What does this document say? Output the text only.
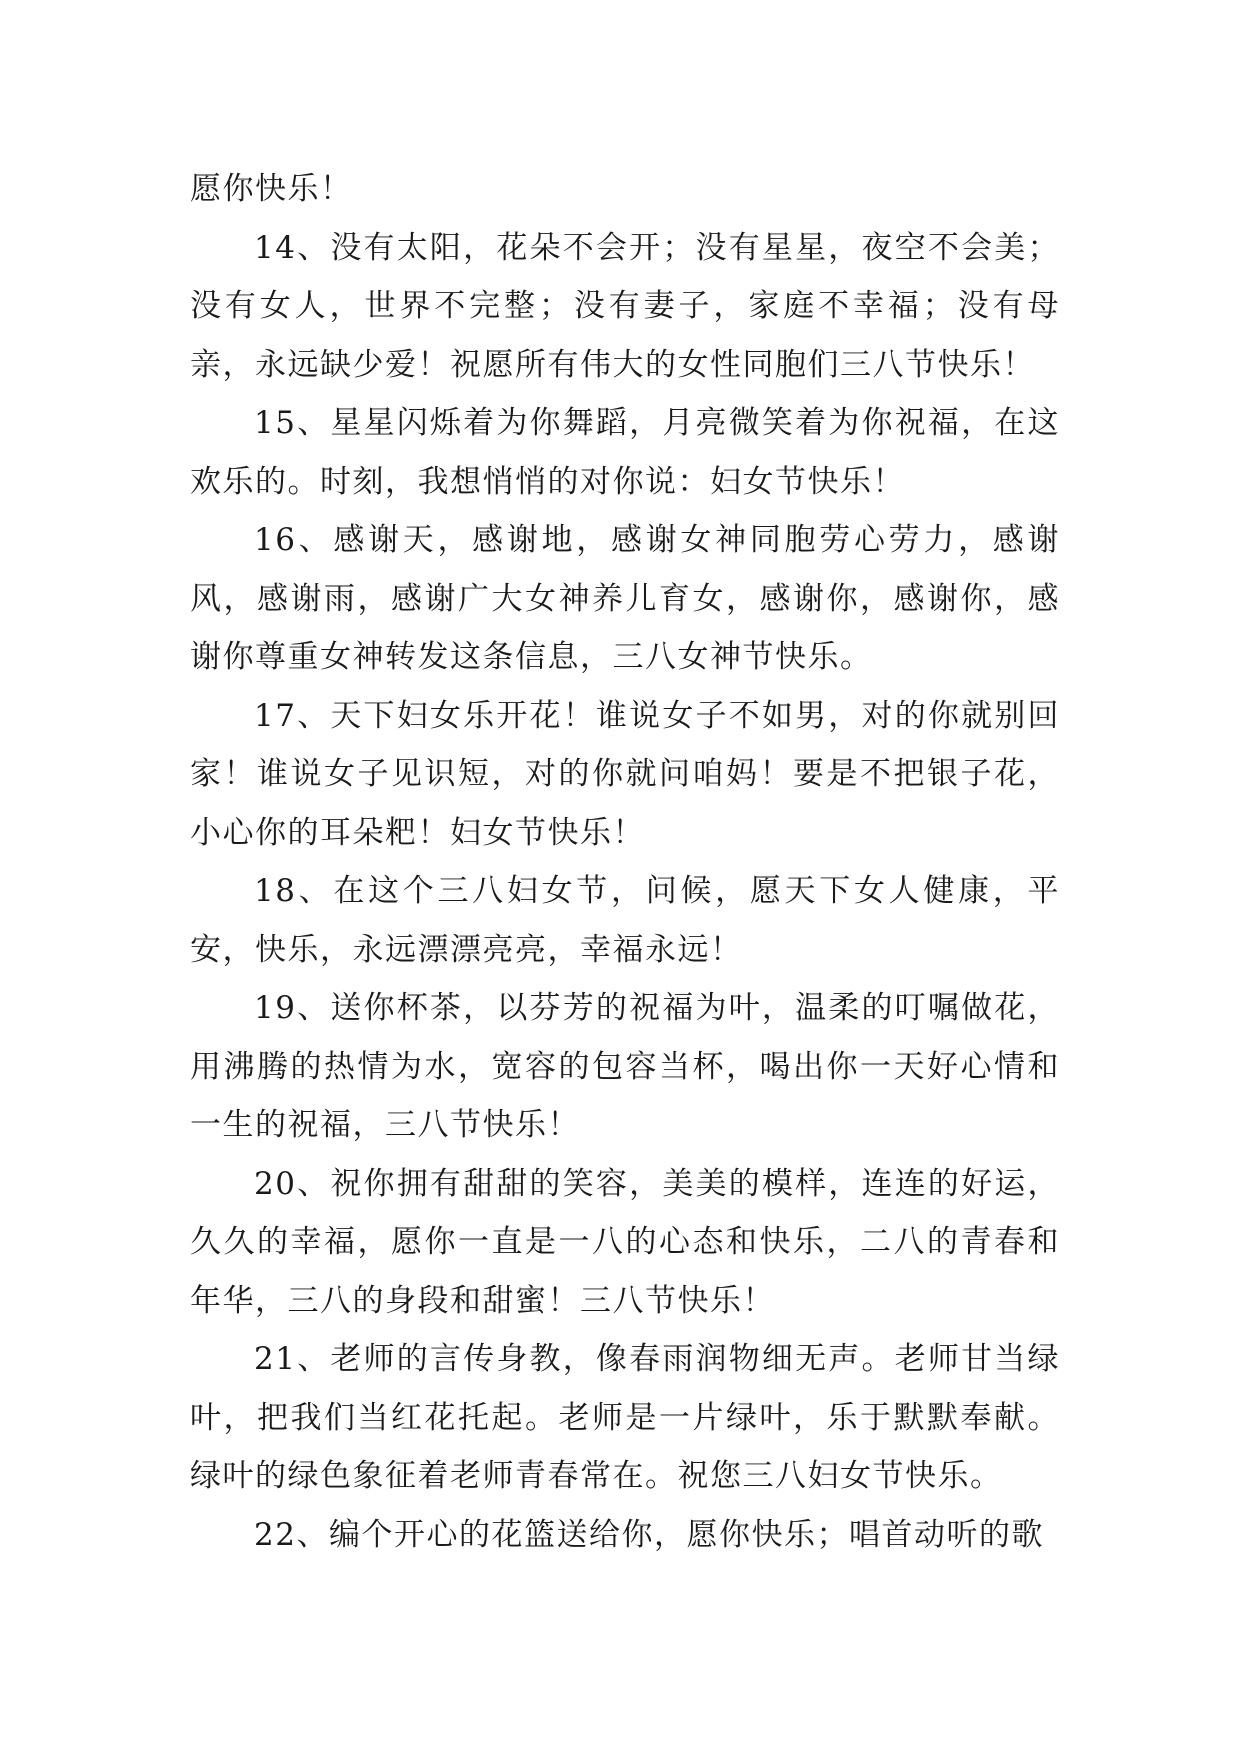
愿你快乐！

14、没有太阳，花朵不会开；没有星星，夜空不会美；没有女人，世界不完整；没有妻子，家庭不幸福；没有母亲，永远缺少爱！祝愿所有伟大的女性同胞们三八节快乐！

15、星星闪烁着为你舞蹈，月亮微笑着为你祝福，在这欢乐的。时刻，我想悄悄的对你说：妇女节快乐！

16、感谢天，感谢地，感谢女神同胞劳心劳力，感谢风，感谢雨，感谢广大女神养儿育女，感谢你，感谢你，感谢你尊重女神转发这条信息，三八女神节快乐。

17、天下妇女乐开花！谁说女子不如男，对的你就别回家！谁说女子见识短，对的你就问咱妈！要是不把银子花，小心你的耳朵粑！妇女节快乐！

18、在这个三八妇女节，问候，愿天下女人健康，平安，快乐，永远漂漂亮亮，幸福永远！

19、送你杯茶，以芬芳的祝福为叶，温柔的叮嘱做花，用沸腾的热情为水，宽容的包容当杯，喝出你一天好心情和一生的祝福，三八节快乐！

20、祝你拥有甜甜的笑容，美美的模样，连连的好运，久久的幸福，愿你一直是一八的心态和快乐，二八的青春和年华，三八的身段和甜蜜！三八节快乐！

21、老师的言传身教，像春雨润物细无声。老师甘当绿叶，把我们当红花托起。老师是一片绿叶，乐于默默奉献。绿叶的绿色象征着老师青春常在。祝您三八妇女节快乐。

22、编个开心的花篮送给你，愿你快乐；唱首动听的歌
